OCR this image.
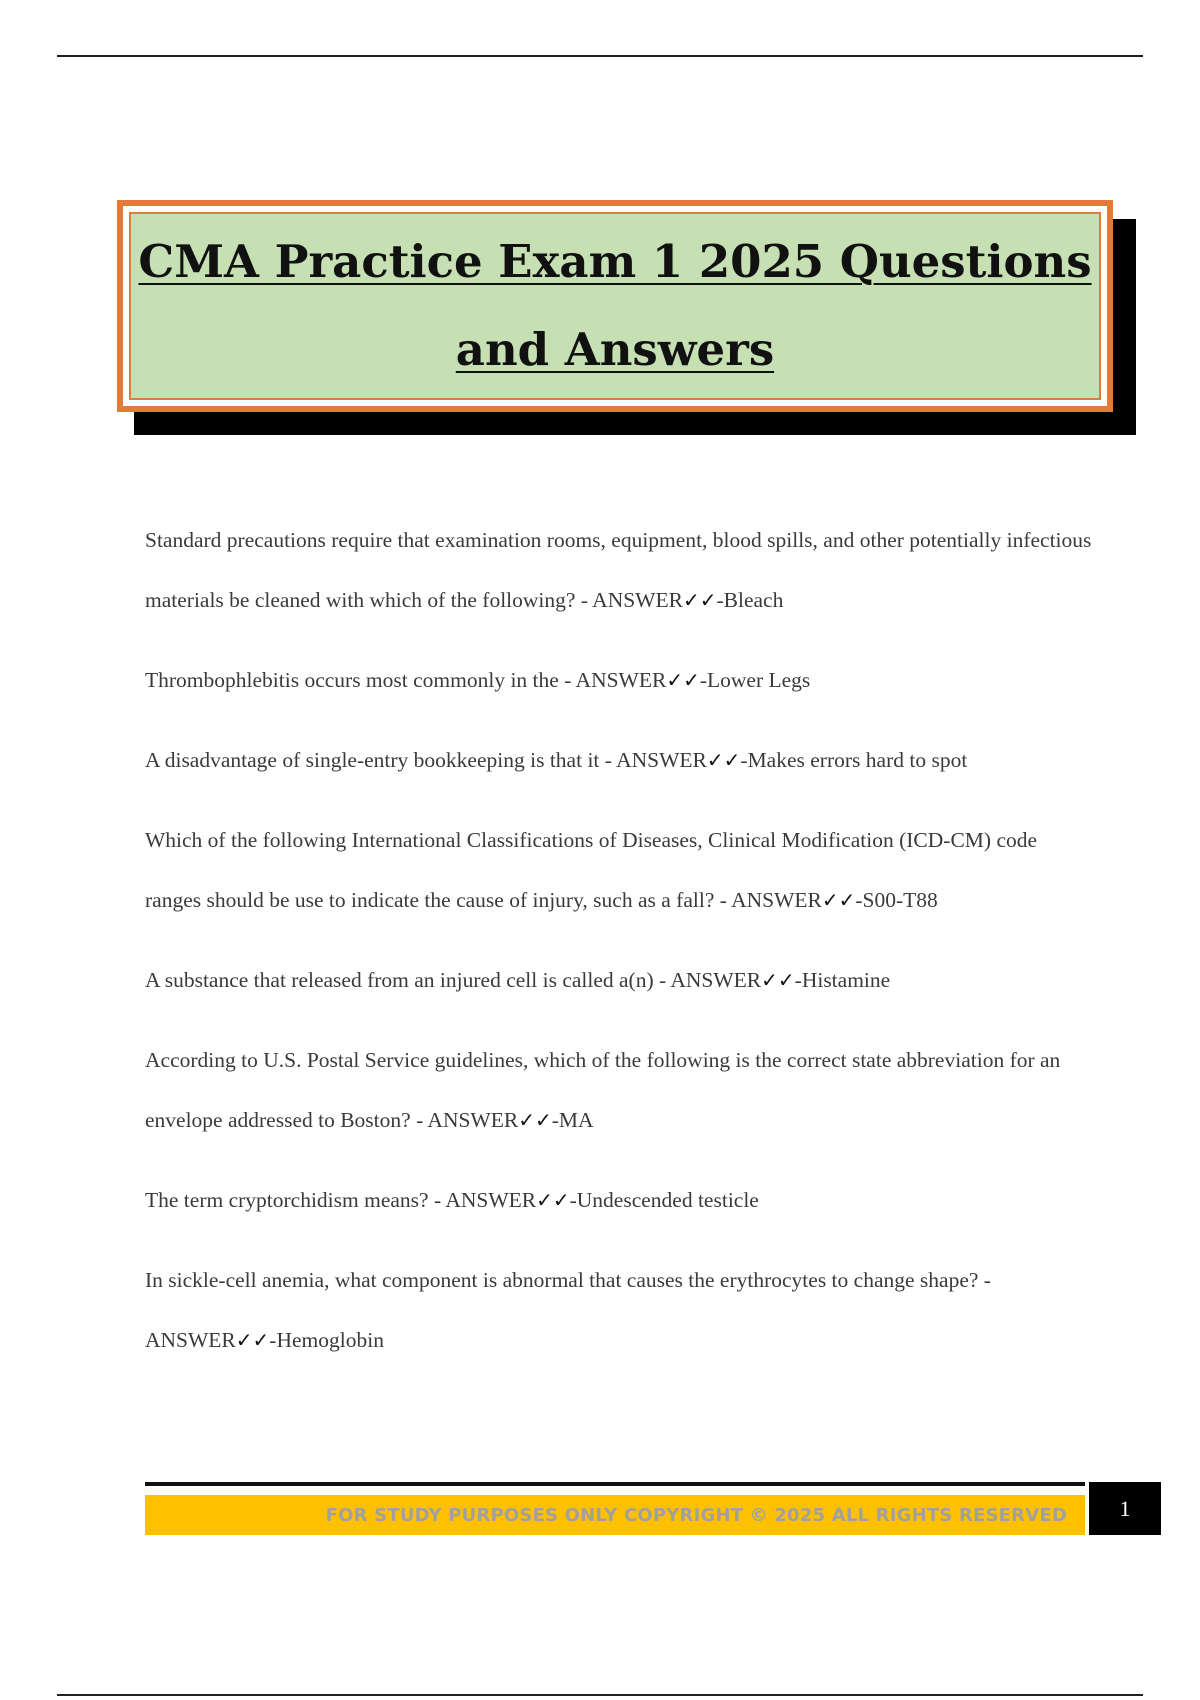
CMA Practice Exam 1 2025 Questions

and Answers

Standard precautions require that examination rooms, equipment, blood spills, and other potentially infectious materials be cleaned with which of the following? - ANSWER✓✓-Bleach

Thrombophlebitis occurs most commonly in the - ANSWER✓✓-Lower Legs

A disadvantage of single-entry bookkeeping is that it - ANSWER✓✓-Makes errors hard to spot

Which of the following International Classifications of Diseases, Clinical Modification (ICD-CM) code ranges should be use to indicate the cause of injury, such as a fall? - ANSWER✓✓-S00-T88

A substance that released from an injured cell is called a(n) - ANSWER✓✓-Histamine

According to U.S. Postal Service guidelines, which of the following is the correct state abbreviation for an envelope addressed to Boston? - ANSWER✓✓-MA

The term cryptorchidism means? - ANSWER✓✓-Undescended testicle

In sickle-cell anemia, what component is abnormal that causes the erythrocytes to change shape? - ANSWER✓✓-Hemoglobin

FOR STUDY PURPOSES ONLY COPYRIGHT © 2025 ALL RIGHTS RESERVED 1
